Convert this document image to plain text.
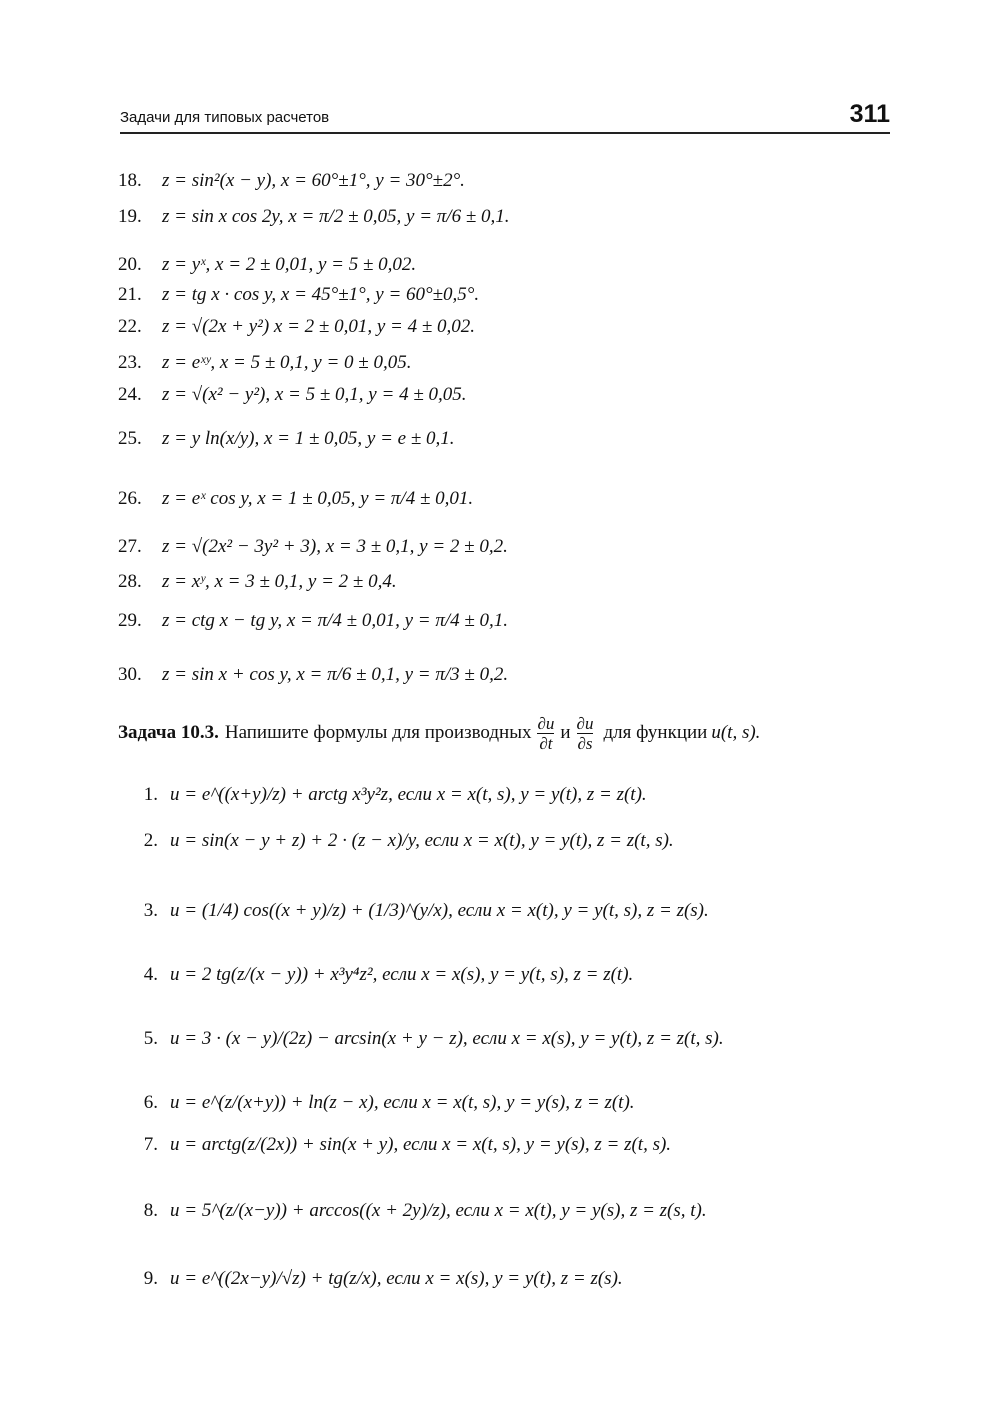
Задачи для типовых расчетов	311
18.	z = sin²(x − y), x = 60°±1°, y = 30°±2°.
19.	z = sin x cos 2y, x = π/2 ± 0,05, y = π/6 ± 0,1.
20.	z = yˣ, x = 2 ± 0,01, y = 5 ± 0,02.
21.	z = tg x · cos y, x = 45°±1°, y = 60°±0,5°.
22.	z = √(2x + y²) x = 2 ± 0,01, y = 4 ± 0,02.
23.	z = eˣʸ, x = 5 ± 0,1, y = 0 ± 0,05.
24.	z = √(x² − y²), x = 5 ± 0,1, y = 4 ± 0,05.
25.	z = y ln(x/y), x = 1 ± 0,05, y = e ± 0,1.
26.	z = eˣ cos y, x = 1 ± 0,05, y = π/4 ± 0,01.
27.	z = √(2x² − 3y² + 3), x = 3 ± 0,1, y = 2 ± 0,2.
28.	z = xʸ, x = 3 ± 0,1, y = 2 ± 0,4.
29.	z = ctg x − tg y, x = π/4 ± 0,01, y = π/4 ± 0,1.
30.	z = sin x + cos y, x = π/6 ± 0,1, y = π/3 ± 0,2.
Задача 10.3. Напишите формулы для производных $\frac{\partial u}{\partial t}$ и $\frac{\partial u}{\partial s}$ для функции u(t, s).
1. u = e^((x+y)/z) + arctg x³y²z, если x = x(t, s), y = y(t), z = z(t).
2. u = sin(x − y + z) + 2 · (z − x)/y, если x = x(t), y = y(t), z = z(t, s).
3. u = (1/4) cos((x + y)/z) + (1/3)^(y/x), если x = x(t), y = y(t, s), z = z(s).
4. u = 2 tg(z/(x − y)) + x³y⁴z², если x = x(s), y = y(t, s), z = z(t).
5. u = 3 · (x − y)/(2z) − arcsin(x + y − z), если x = x(s), y = y(t), z = z(t, s).
6. u = e^(z/(x+y)) + ln(z − x), если x = x(t, s), y = y(s), z = z(t).
7. u = arctg(z/(2x)) + sin(x + y), если x = x(t, s), y = y(s), z = z(t, s).
8. u = 5^(z/(x−y)) + arccos((x + 2y)/z), если x = x(t), y = y(s), z = z(s, t).
9. u = e^((2x−y)/√z) + tg(z/x), если x = x(s), y = y(t), z = z(s).
